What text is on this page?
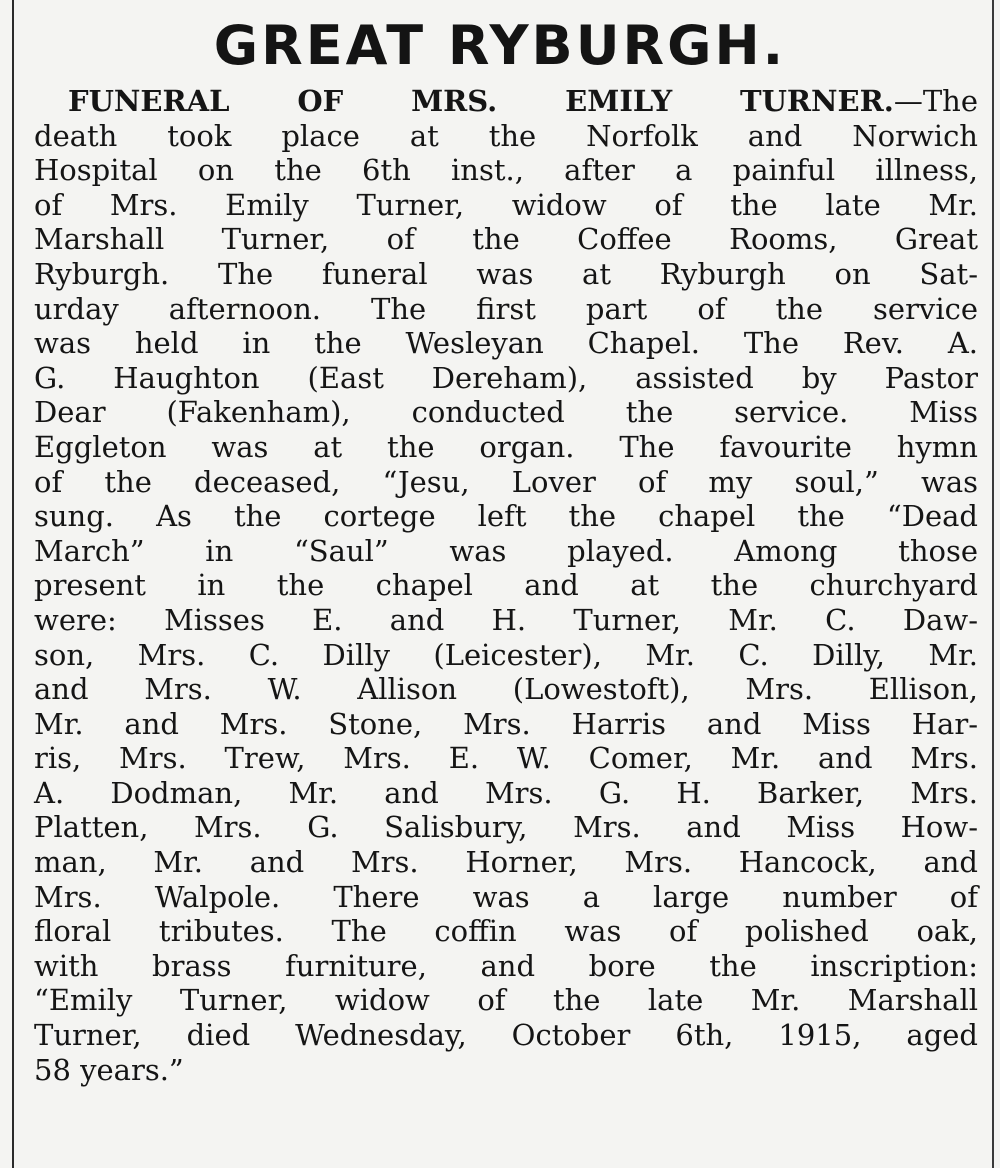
GREAT RYBURGH.
FUNERAL OF MRS. EMILY TURNER.—The
death took place at the Norfolk and Norwich
Hospital on the 6th inst., after a painful illness,
of Mrs. Emily Turner, widow of the late Mr.
Marshall Turner, of the Coffee Rooms, Great
Ryburgh. The funeral was at Ryburgh on Sat-
urday afternoon. The first part of the service
was held in the Wesleyan Chapel. The Rev. A.
G. Haughton (East Dereham), assisted by Pastor
Dear (Fakenham), conducted the service. Miss
Eggleton was at the organ. The favourite hymn
of the deceased, “Jesu, Lover of my soul,” was
sung. As the cortege left the chapel the “Dead
March” in “Saul” was played. Among those
present in the chapel and at the churchyard
were: Misses E. and H. Turner, Mr. C. Daw-
son, Mrs. C. Dilly (Leicester), Mr. C. Dilly, Mr.
and Mrs. W. Allison (Lowestoft), Mrs. Ellison,
Mr. and Mrs. Stone, Mrs. Harris and Miss Har-
ris, Mrs. Trew, Mrs. E. W. Comer, Mr. and Mrs.
A. Dodman, Mr. and Mrs. G. H. Barker, Mrs.
Platten, Mrs. G. Salisbury, Mrs. and Miss How-
man, Mr. and Mrs. Horner, Mrs. Hancock, and
Mrs. Walpole. There was a large number of
floral tributes. The coffin was of polished oak,
with brass furniture, and bore the inscription:
“Emily Turner, widow of the late Mr. Marshall
Turner, died Wednesday, October 6th, 1915, aged
58 years.”
